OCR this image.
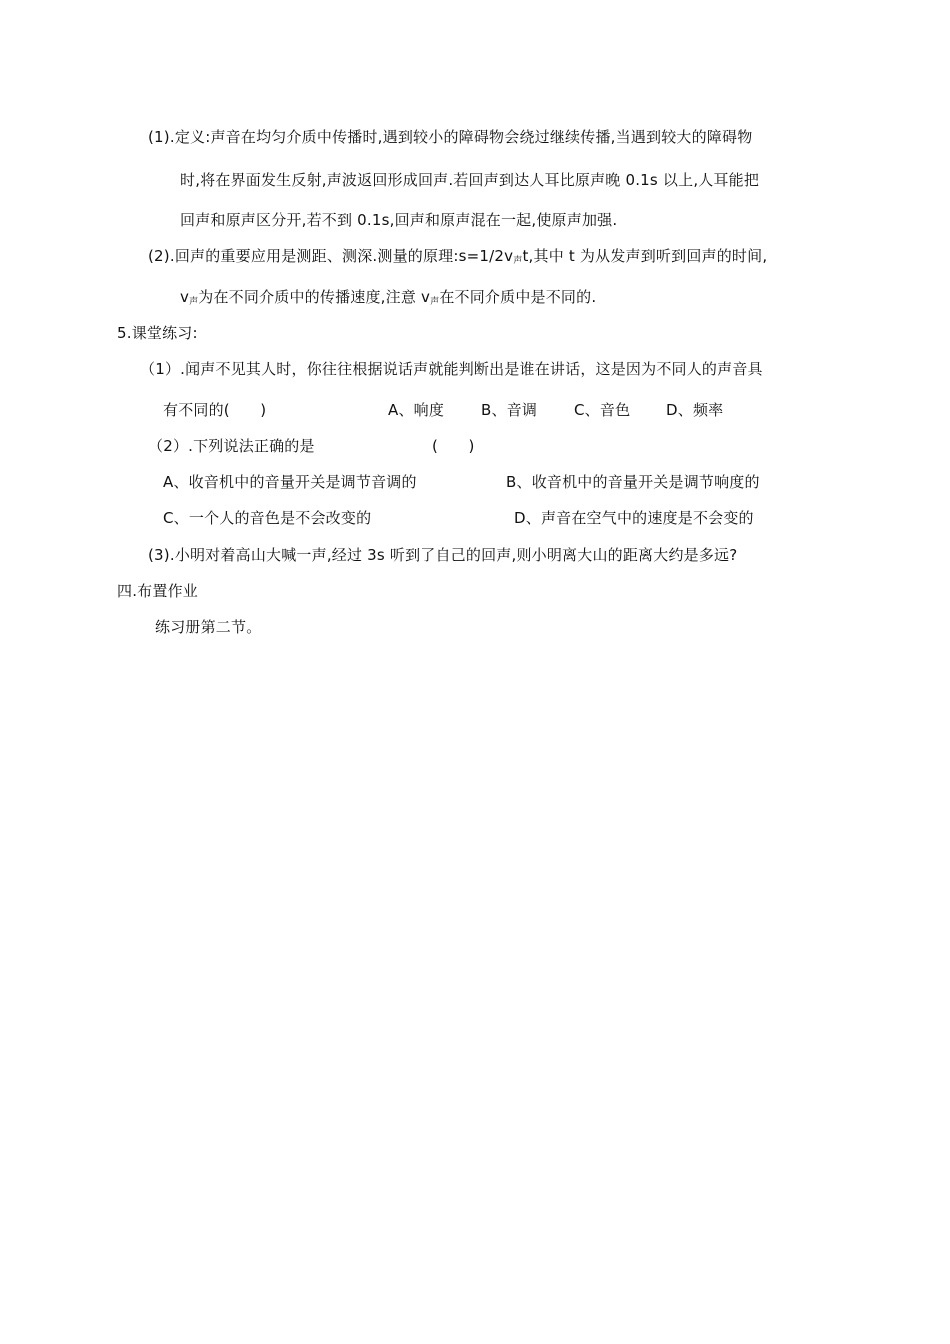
(1).定义:声音在均匀介质中传播时,遇到较小的障碍物会绕过继续传播,当遇到较大的障碍物
时,将在界面发生反射,声波返回形成回声.若回声到达人耳比原声晚 0.1s 以上,人耳能把
回声和原声区分开,若不到 0.1s,回声和原声混在一起,使原声加强.
(2).回声的重要应用是测距、测深.测量的原理:s=1/2v声t,其中 t 为从发声到听到回声的时间,
v声为在不同介质中的传播速度,注意 v声在不同介质中是不同的.
5.课堂练习:
（1）.闻声不见其人时，你往往根据说话声就能判断出是谁在讲话，这是因为不同人的声音具
有不同的(　　)	A、响度 B、音调 C、音色 D、频率
（2）.下列说法正确的是	(　　)
A、收音机中的音量开关是调节音调的	B、收音机中的音量开关是调节响度的
C、一个人的音色是不会改变的	D、声音在空气中的速度是不会变的
(3).小明对着高山大喊一声,经过 3s 听到了自己的回声,则小明离大山的距离大约是多远?
四.布置作业
练习册第二节。
